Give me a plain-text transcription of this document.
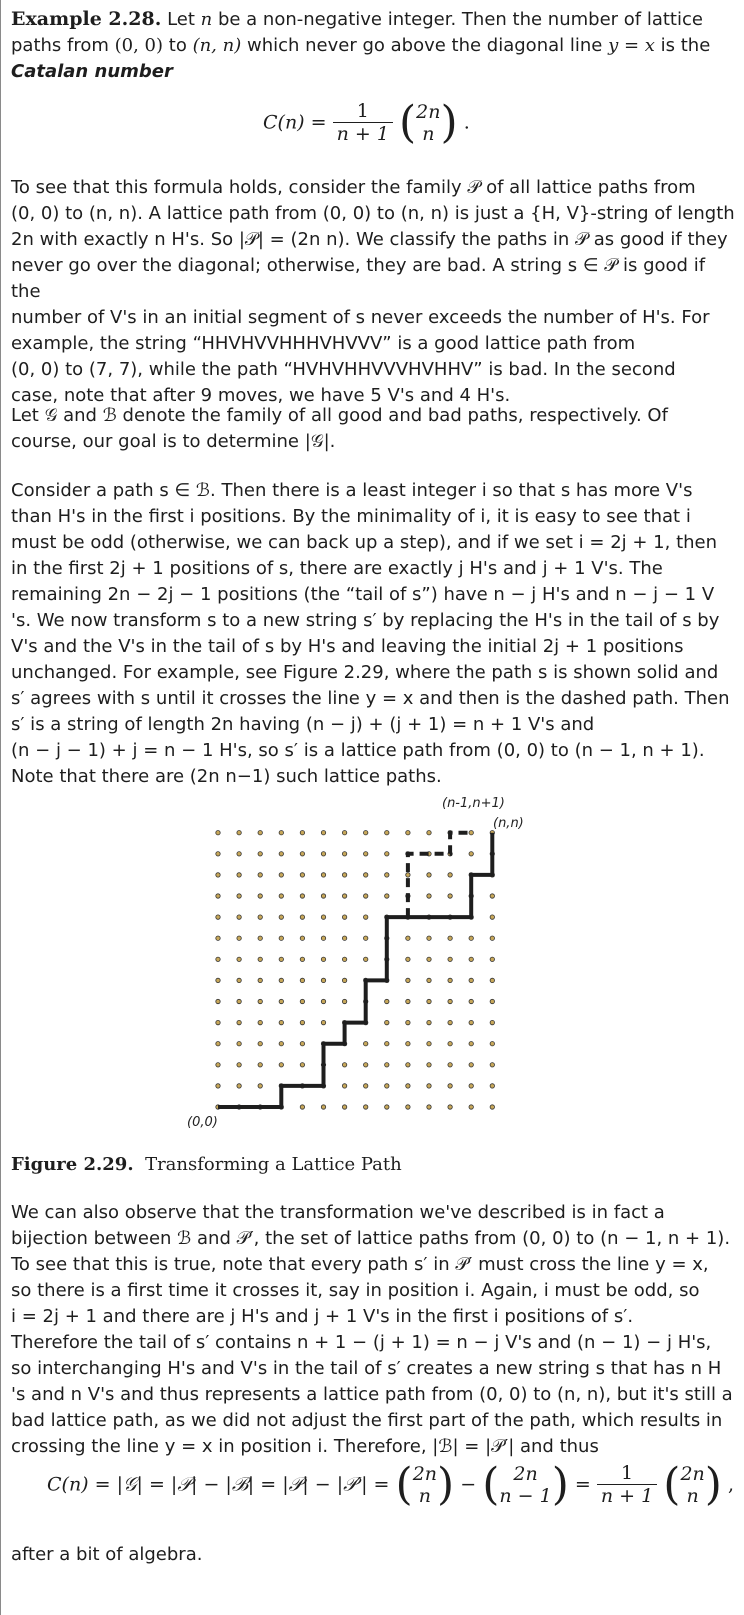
Example 2.28. Let n be a non-negative integer. Then the number of lattice paths from (0, 0) to (n, n) which never go above the diagonal line y = x is the
Catalan number

$C(n) = \frac{1}{n + 1}$ ( 2n
n ) .

To see that this formula holds, consider the family 𝒫 of all lattice paths from
(0, 0) to (n, n). A lattice path from (0, 0) to (n, n) is just a {H, V}-string of length
2n with exactly n H's. So |𝒫| = (2n n). We classify the paths in 𝒫 as good if they
never go over the diagonal; otherwise, they are bad. A string s ∈ 𝒫 is good if the
number of V's in an initial segment of s never exceeds the number of H's. For
example, the string “HHVHVVHHHVHVVV” is a good lattice path from
(0, 0) to (7, 7), while the path “HVHVHHVVVHVHHV” is bad. In the second
case, note that after 9 moves, we have 5 V's and 4 H's.

Let 𝒢 and ℬ denote the family of all good and bad paths, respectively. Of
course, our goal is to determine |𝒢|.

Consider a path s ∈ ℬ. Then there is a least integer i so that s has more V's
than H's in the first i positions. By the minimality of i, it is easy to see that i
must be odd (otherwise, we can back up a step), and if we set i = 2j + 1, then
in the first 2j + 1 positions of s, there are exactly j H's and j + 1 V's. The
remaining 2n − 2j − 1 positions (the “tail of s”) have n − j H's and n − j − 1 V
's. We now transform s to a new string s′ by replacing the H's in the tail of s by
V's and the V's in the tail of s by H's and leaving the initial 2j + 1 positions
unchanged. For example, see Figure 2.29, where the path s is shown solid and
s′ agrees with s until it crosses the line y = x and then is the dashed path. Then
s′ is a string of length 2n having (n − j) + (j + 1) = n + 1 V's and
(n − j − 1) + j = n − 1 H's, so s′ is a lattice path from (0, 0) to (n − 1, n + 1).
Note that there are (2n n−1) such lattice paths.

(n-1,n+1)
(n,n)
(0,0)
Figure 2.29. Transforming a Lattice Path

We can also observe that the transformation we've described is in fact a
bijection between ℬ and 𝒫′, the set of lattice paths from (0, 0) to (n − 1, n + 1).
To see that this is true, note that every path s′ in 𝒫′ must cross the line y = x,
so there is a first time it crosses it, say in position i. Again, i must be odd, so
i = 2j + 1 and there are j H's and j + 1 V's in the first i positions of s′.
Therefore the tail of s′ contains n + 1 − (j + 1) = n − j V's and (n − 1) − j H's,
so interchanging H's and V's in the tail of s′ creates a new string s that has n H
's and n V's and thus represents a lattice path from (0, 0) to (n, n), but it's still a
bad lattice path, as we did not adjust the first part of the path, which results in
crossing the line y = x in position i. Therefore, |ℬ| = |𝒫′| and thus

C(n) = |𝒢| = |𝒫| − |ℬ| = |𝒫| − |𝒫′| = ( 2n
n ) − ( 2n
n − 1 ) = $\frac{1}{n + 1}$ ( 2n
n ) ,

after a bit of algebra.
